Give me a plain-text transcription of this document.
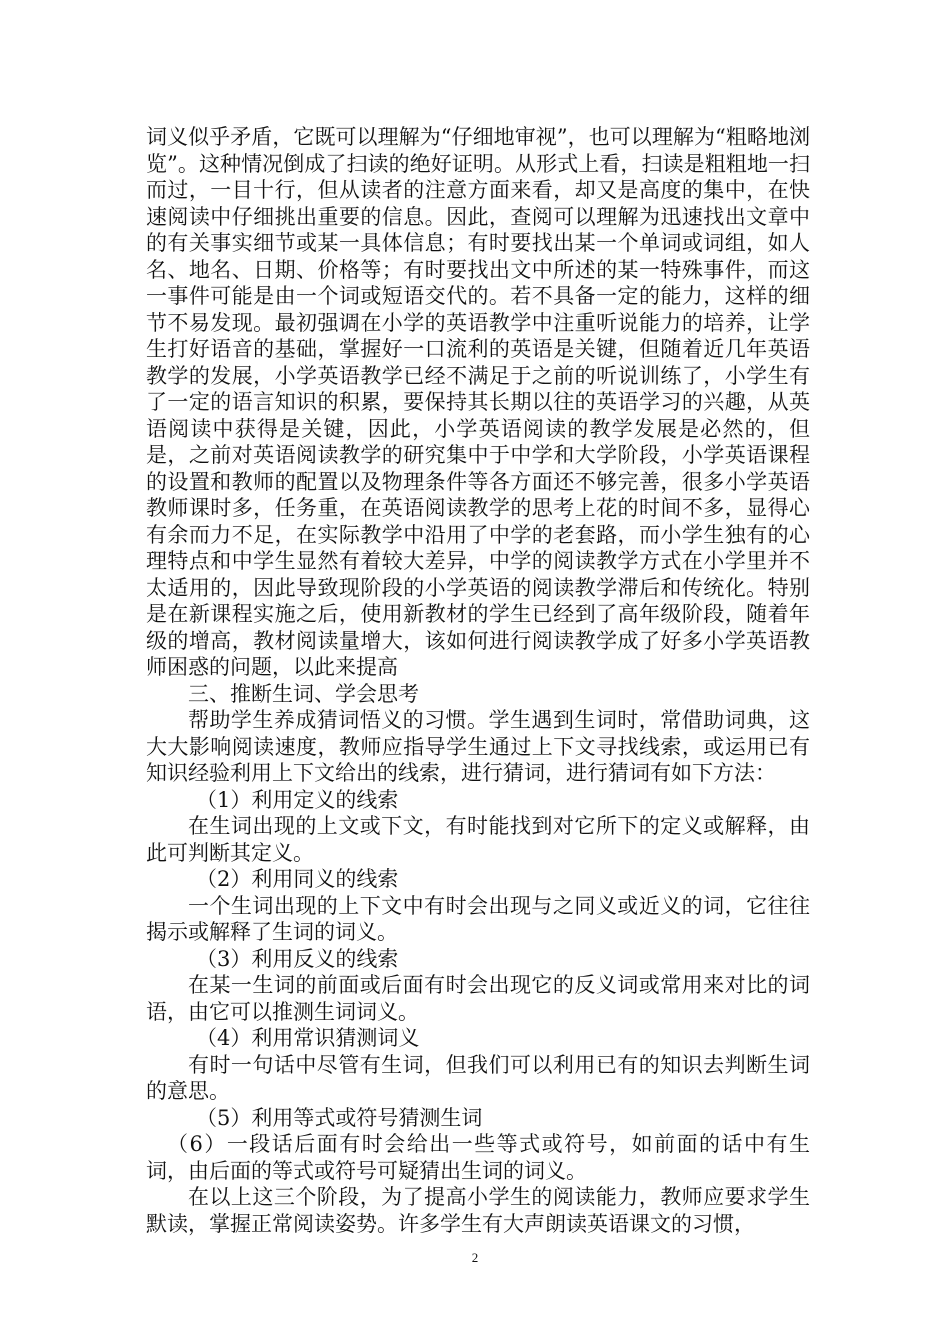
词义似乎矛盾，它既可以理解为“仔细地审视”，也可以理解为“粗略地浏览”。这种情况倒成了扫读的绝好证明。从形式上看，扫读是粗粗地一扫而过，一目十行，但从读者的注意方面来看，却又是高度的集中，在快速阅读中仔细挑出重要的信息。因此，查阅可以理解为迅速找出文章中的有关事实细节或某一具体信息；有时要找出某一个单词或词组，如人名、地名、日期、价格等；有时要找出文中所述的某一特殊事件，而这一事件可能是由一个词或短语交代的。若不具备一定的能力，这样的细节不易发现。最初强调在小学的英语教学中注重听说能力的培养，让学生打好语音的基础，掌握好一口流利的英语是关键，但随着近几年英语教学的发展，小学英语教学已经不满足于之前的听说训练了，小学生有了一定的语言知识的积累，要保持其长期以往的英语学习的兴趣，从英语阅读中获得是关键，因此，小学英语阅读的教学发展是必然的，但是，之前对英语阅读教学的研究集中于中学和大学阶段，小学英语课程的设置和教师的配置以及物理条件等各方面还不够完善，很多小学英语教师课时多，任务重，在英语阅读教学的思考上花的时间不多，显得心有余而力不足，在实际教学中沿用了中学的老套路，而小学生独有的心理特点和中学生显然有着较大差异，中学的阅读教学方式在小学里并不太适用的，因此导致现阶段的小学英语的阅读教学滞后和传统化。特别是在新课程实施之后，使用新教材的学生已经到了高年级阶段，随着年级的增高，教材阅读量增大，该如何进行阅读教学成了好多小学英语教师困惑的问题，以此来提高

三、推断生词、学会思考

帮助学生养成猜词悟义的习惯。学生遇到生词时，常借助词典，这大大影响阅读速度，教师应指导学生通过上下文寻找线索，或运用已有知识经验利用上下文给出的线索，进行猜词，进行猜词有如下方法：

（1）利用定义的线索

在生词出现的上文或下文，有时能找到对它所下的定义或解释，由此可判断其定义。

（2）利用同义的线索

一个生词出现的上下文中有时会出现与之同义或近义的词，它往往揭示或解释了生词的词义。

（3）利用反义的线索

在某一生词的前面或后面有时会出现它的反义词或常用来对比的词语，由它可以推测生词词义。

（4）利用常识猜测词义

有时一句话中尽管有生词，但我们可以利用已有的知识去判断生词的意思。

（5）利用等式或符号猜测生词

（6）一段话后面有时会给出一些等式或符号，如前面的话中有生词，由后面的等式或符号可疑猜出生词的词义。

在以上这三个阶段，为了提高小学生的阅读能力，教师应要求学生默读，掌握正常阅读姿势。许多学生有大声朗读英语课文的习惯，

2
